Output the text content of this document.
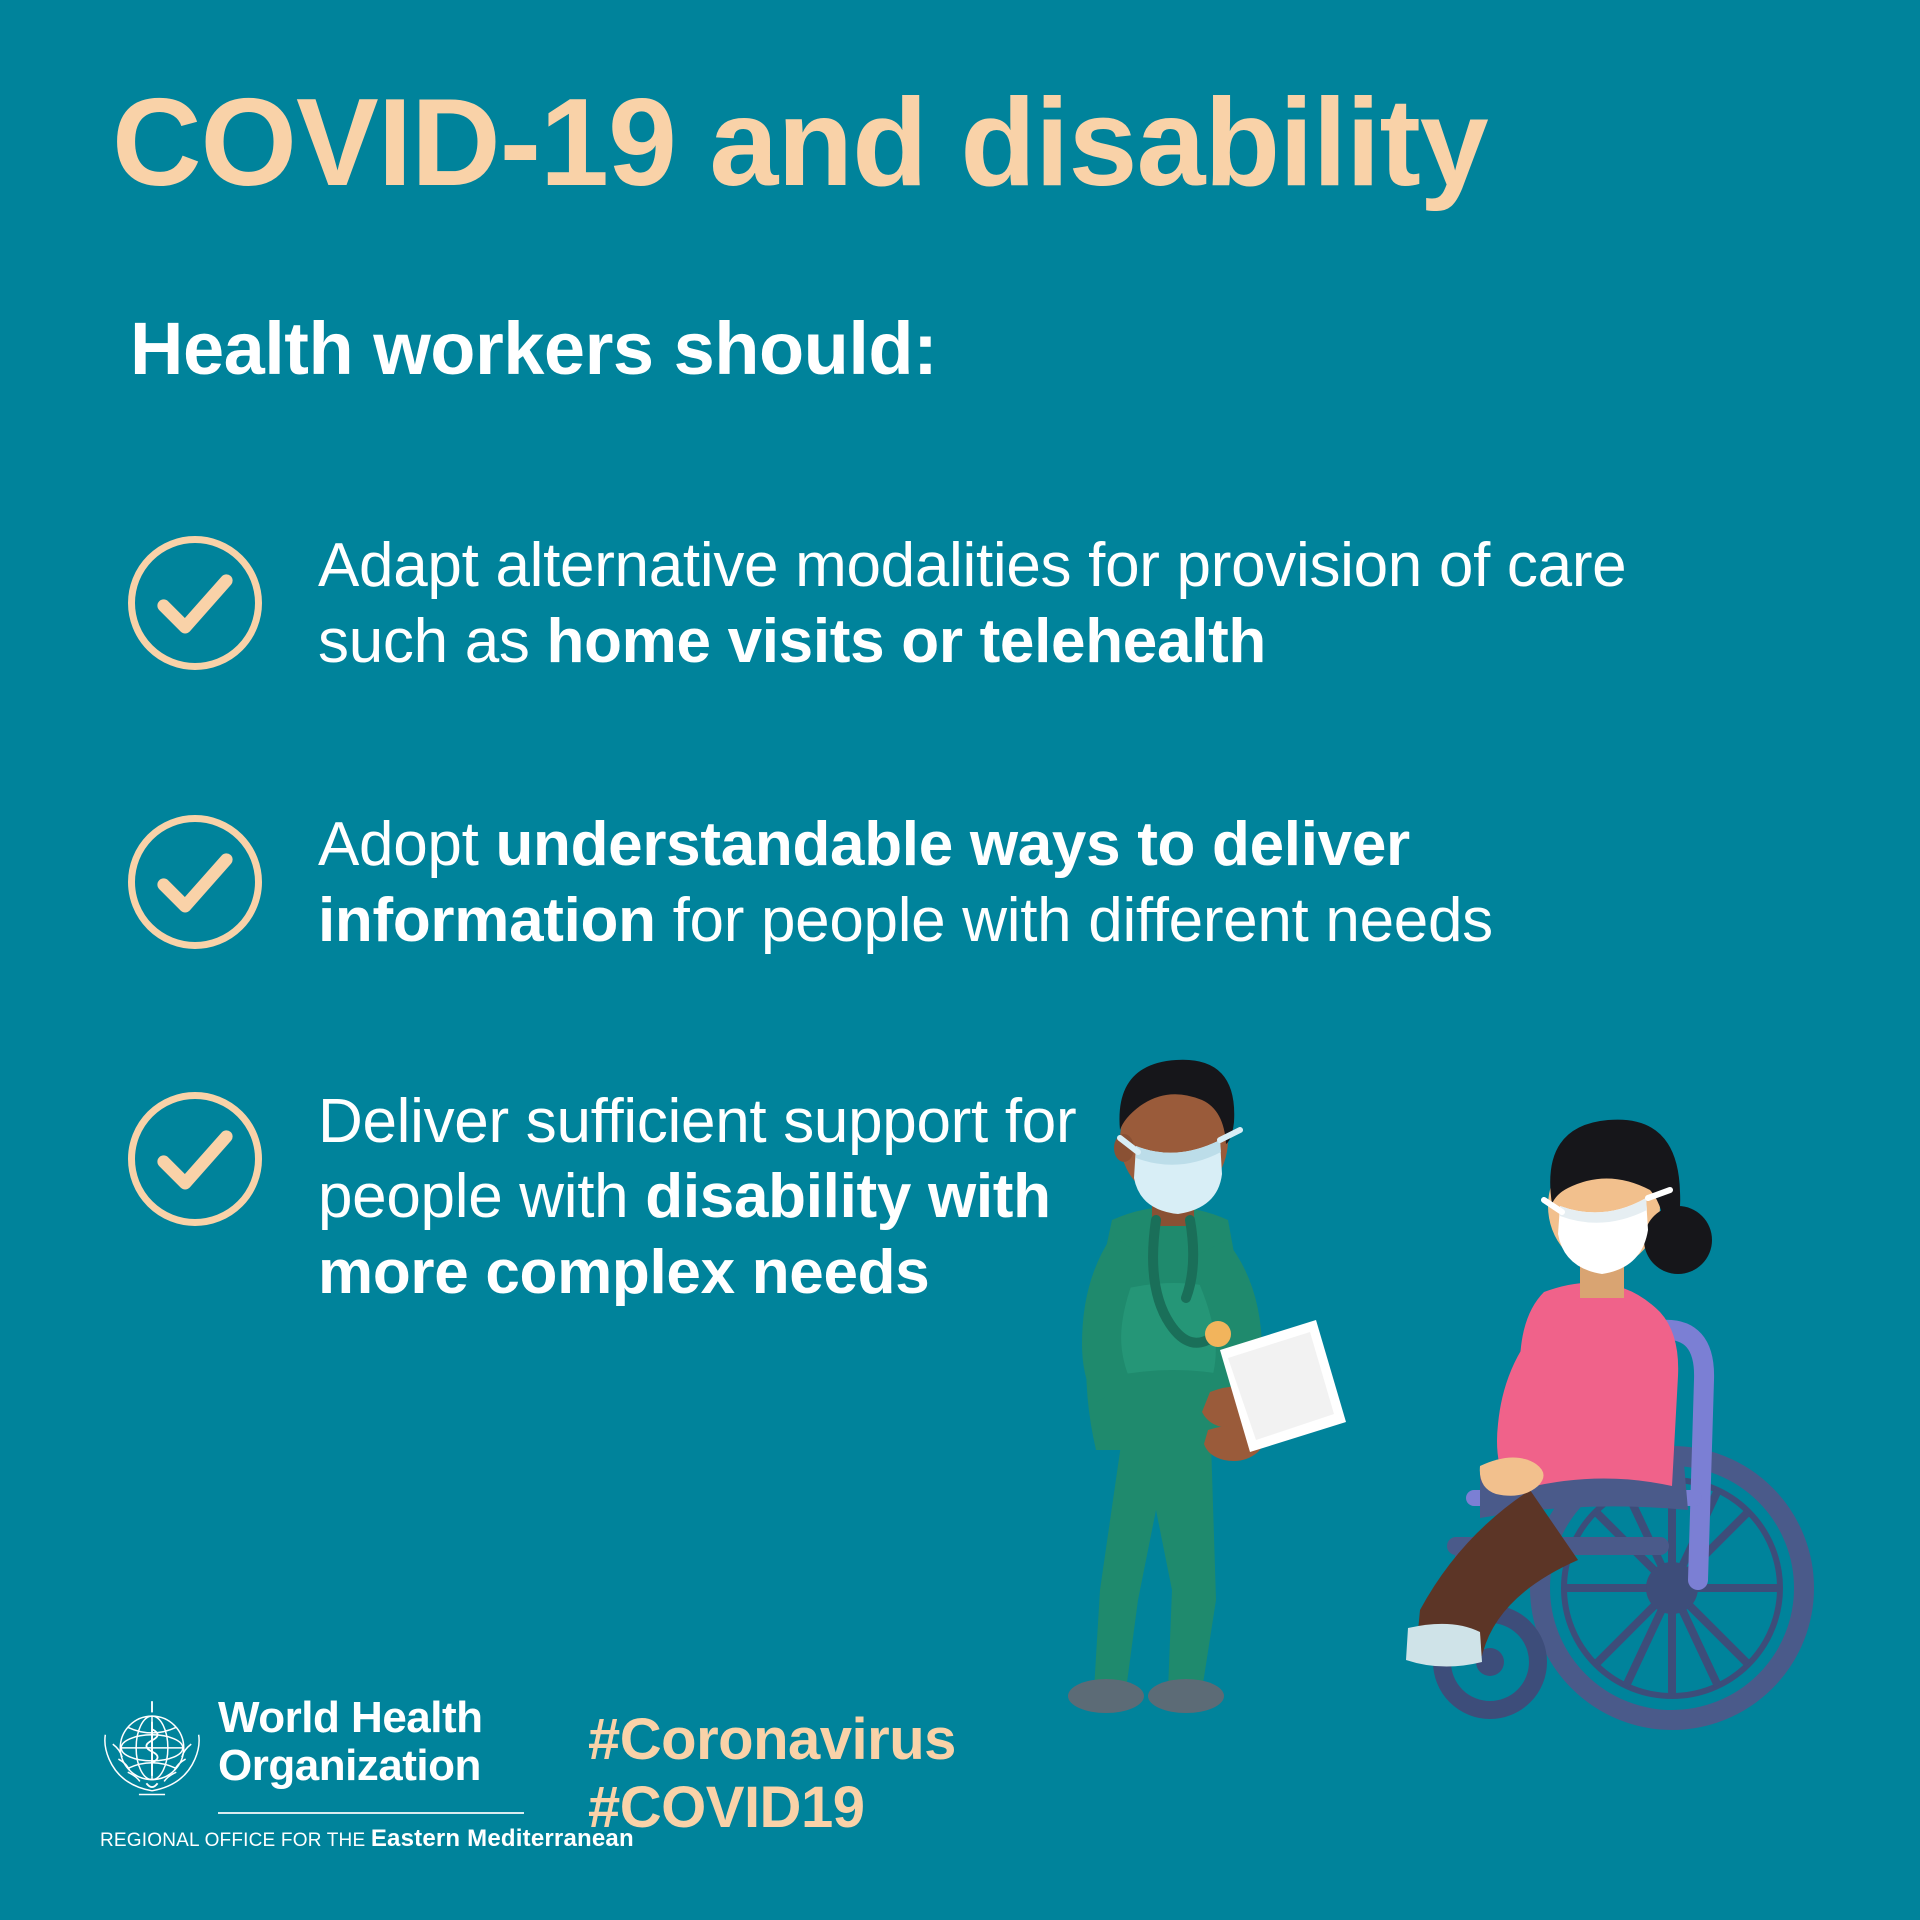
COVID-19 and disability
Health workers should:
Adapt alternative modalities for provision of care such as home visits or telehealth
Adopt understandable ways to deliver information for people with different needs
Deliver sufficient support for people with disability with more complex needs
World Health
Organization
REGIONAL OFFICE FOR THE Eastern Mediterranean
#Coronavirus
#COVID19
